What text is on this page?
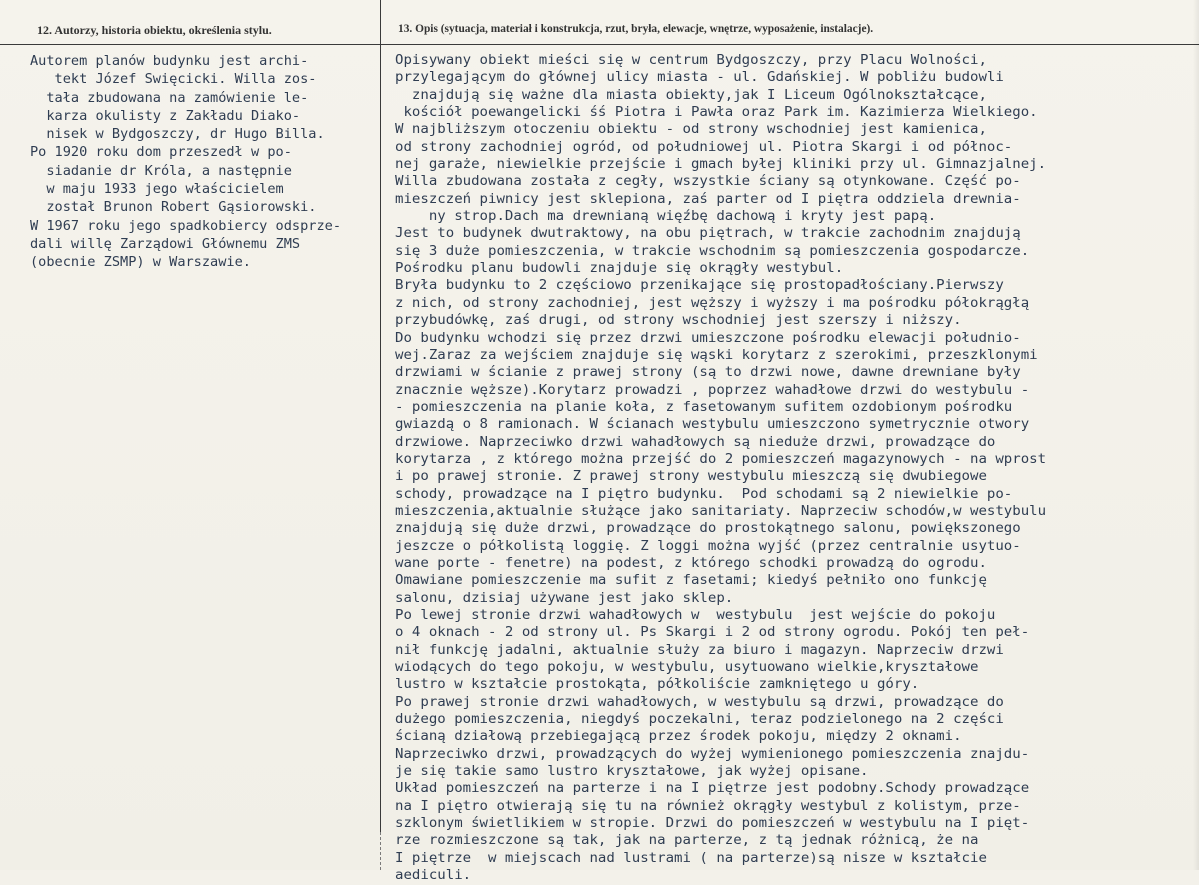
12. Autorzy, historia obiektu, określenia stylu.	13. Opis (sytuacja, materiał i konstrukcja, rzut, bryła, elewacje, wnętrze, wyposażenie, instalacje).
Autorem planów budynku jest archi-
tekt Józef Swięcicki. Willa zos-
tała zbudowana na zamówienie le-
karza okulisty z Zakładu Diako-
nisek w Bydgoszczy, dr Hugo Billa.
Po 1920 roku dom przeszedł w po-
siadanie dr Króla, a następnie
w maju 1933 jego właścicielem
został Brunon Robert Gąsiorowski.
W 1967 roku jego spadkobiercy odsprze-
dali willę Zarządowi Głównemu ZMS
(obecnie ZSMP) w Warszawie.
Opisywany obiekt mieści się w centrum Bydgoszczy, przy Placu Wolności,
przylegającym do głównej ulicy miasta - ul. Gdańskiej. W pobliżu budowli
znajdują się ważne dla miasta obiekty,jak I Liceum Ogólnokształcące,
kościół poewangelicki śś Piotra i Pawła oraz Park im. Kazimierza Wielkiego.
W najbliższym otoczeniu obiektu - od strony wschodniej jest kamienica,
od strony zachodniej ogród, od południowej ul. Piotra Skargi i od północ-
nej garaże, niewielkie przejście i gmach byłej kliniki przy ul. Gimnazjalnej.
Willa zbudowana została z cegły, wszystkie ściany są otynkowane. Część po-
mieszczeń piwnicy jest sklepiona, zaś parter od I piętra oddziela drewnia-
ny strop.Dach ma drewnianą więźbę dachową i kryty jest papą.
Jest to budynek dwutraktowy, na obu piętrach, w trakcie zachodnim znajdują
się 3 duże pomieszczenia, w trakcie wschodnim są pomieszczenia gospodarcze.
Pośrodku planu budowli znajduje się okrągły westybul.
Bryła budynku to 2 częściowo przenikające się prostopadłościany.Pierwszy
z nich, od strony zachodniej, jest węższy i wyższy i ma pośrodku półokrągłą
przybudówkę, zaś drugi, od strony wschodniej jest szerszy i niższy.
Do budynku wchodzi się przez drzwi umieszczone pośrodku elewacji południo-
wej.Zaraz za wejściem znajduje się wąski korytarz z szerokimi, przeszklonymi
drzwiami w ścianie z prawej strony (są to drzwi nowe, dawne drewniane były
znacznie węższe).Korytarz prowadzi , poprzez wahadłowe drzwi do westybulu -
- pomieszczenia na planie koła, z fasetowanym sufitem ozdobionym pośrodku
gwiazdą o 8 ramionach. W ścianach westybulu umieszczono symetrycznie otwory
drzwiowe. Naprzeciwko drzwi wahadłowych są nieduże drzwi, prowadzące do
korytarza , z którego można przejść do 2 pomieszczeń magazynowych - na wprost
i po prawej stronie. Z prawej strony westybulu mieszczą się dwubiegowe
schody, prowadzące na I piętro budynku.  Pod schodami są 2 niewielkie po-
mieszczenia,aktualnie służące jako sanitariaty. Naprzeciw schodów,w westybulu
znajdują się duże drzwi, prowadzące do prostokątnego salonu, powiększonego
jeszcze o półkolistą loggię. Z loggi można wyjść (przez centralnie usytuo-
wane porte - fenetre) na podest, z którego schodki prowadzą do ogrodu.
Omawiane pomieszczenie ma sufit z fasetami; kiedyś pełniło ono funkcję
salonu, dzisiaj używane jest jako sklep.
Po lewej stronie drzwi wahadłowych w  westybulu  jest wejście do pokoju
o 4 oknach - 2 od strony ul. Ps Skargi i 2 od strony ogrodu. Pokój ten peł-
nił funkcję jadalni, aktualnie służy za biuro i magazyn. Naprzeciw drzwi
wiodących do tego pokoju, w westybulu, usytuowano wielkie,kryształowe
lustro w kształcie prostokąta, półkoliście zamkniętego u góry.
Po prawej stronie drzwi wahadłowych, w westybulu są drzwi, prowadzące do
dużego pomieszczenia, niegdyś poczekalni, teraz podzielonego na 2 części
ścianą działową przebiegającą przez środek pokoju, między 2 oknami.
Naprzeciwko drzwi, prowadzących do wyżej wymienionego pomieszczenia znajdu-
je się takie samo lustro kryształowe, jak wyżej opisane.
Układ pomieszczeń na parterze i na I piętrze jest podobny.Schody prowadzące
na I piętro otwierają się tu na również okrągły westybul z kolistym, prze-
szklonym świetlikiem w stropie. Drzwi do pomieszczeń w westybulu na I pięt-
rze rozmieszczone są tak, jak na parterze, z tą jednak różnicą, że na
I piętrze  w miejscach nad lustrami ( na parterze)są nisze w kształcie
aediculi.
